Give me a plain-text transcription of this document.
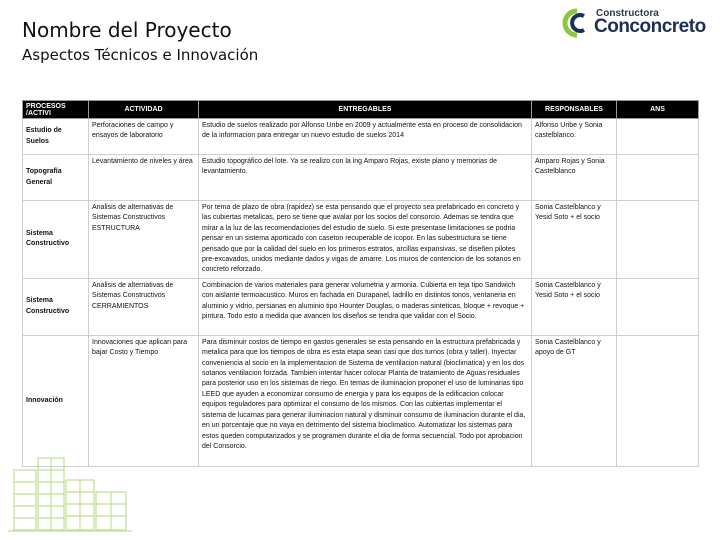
Nombre del Proyecto
Aspectos Técnicos e Innovación
Constructora
Conconcreto
PROCESOS /ACTIVI	ACTIVIDAD	ENTREGABLES	RESPONSABLES	ANS
Estudio de Suelos	Perforaciones de campo y ensayos de laboratorio	Estudio de suelos realizado por Alfonso Uribe en 2009 y actualmente esta en proceso de consolidacion de la informacion para entregar un nuevo estudio de suelos 2014	Alfonso Uribe y Sonia castelblanco.	
Topografía General	Levantamiento de niveles y área	Estudio topográfico del lote. Ya se realizo con la ing Amparo Rojas, existe plano y memorias de levantamiento.	Amparo Rojas y Sonia Castelblanco	
Sistema Constructivo	Analisis de alternativas de Sistemas Constructivos ESTRUCTURA	Por tema de plazo de obra (rapidez) se esta pensando que el proyecto sea prefabricado en concreto y las cubiertas metalicas, pero se tiene que avalar por los socios del consorcio. Ademas se tendra que mirar a la luz de las recomendaciones del estudio de suelo. Si este presentase limitaciones se podria pensar en un sistema aporticado con caseton recuperable de icopor. En las subestructura se tiene pensado que por la calidad del suelo en los primeros estratos, arcillas expansivas, se diseñen pilotes pre-excavados, unidos mediante dados y vigas de amarre. Los muros de contencion de los sotanos en concreto reforzado.	Sonia Castelblanco y Yesid Soto + el socio	
Sistema Constructivo	Analisis de alternativas de Sistemas Constructivos CERRAMIENTOS	Combinacion de varios materiales para generar volumetria y armonia. Cubierta en teja tipo Sandwich con aislante termoacustico. Muros en fachada en Durapanel, ladrillo en distintos tonos, ventaneria en aluminio y vidrio, persianas en aluminio tipo Hounter Douglas, o maderas sinteticas, bloque + revoque + pintura. Todo esto a medida que avancen los diseños se tendra que validar con el Socio.	Sonia Castelblanco y Yesid Soto + el socio	
Innovación	Innovaciones que aplican para bajar Costo y Tiempo	Para disminuir costos de tiempo en gastos generales se esta pensando en la estructura prefabricada y metalica para que los tiempos de obra es esta etapa sean casi que dos turnos (obra y taller). Inyectar conveniencia al socio en la implementacion de Sistema de ventilacion natural (bioclimatica) y en los dos sotanos ventilacion forzada. Tambien intentar hacer colocar Planta de tratamiento de Aguas residuales para posterior uso en los sistemas de riego. En temas de iluminacion proponer el uso de luminarias tipo LEED que ayuden a economizar consumo de energia y para los equipos de la edificacion colocar equipos reguladores para optimizar el consumo de los mismos. Con las cubiertas implementar el sistema de lucarnas para generar iluminacion natural y disminuir consumo de iluminacion durante el dia, en un porcentaje que no vaya en detrimento del sistema bioclimatico. Automatizar los sistemas para estos queden computarizados y se programen durante el dia de forma secuencial. Todo por aprobacion del Consorcio.	Sonia Castelblanco y apoyo de GT	
